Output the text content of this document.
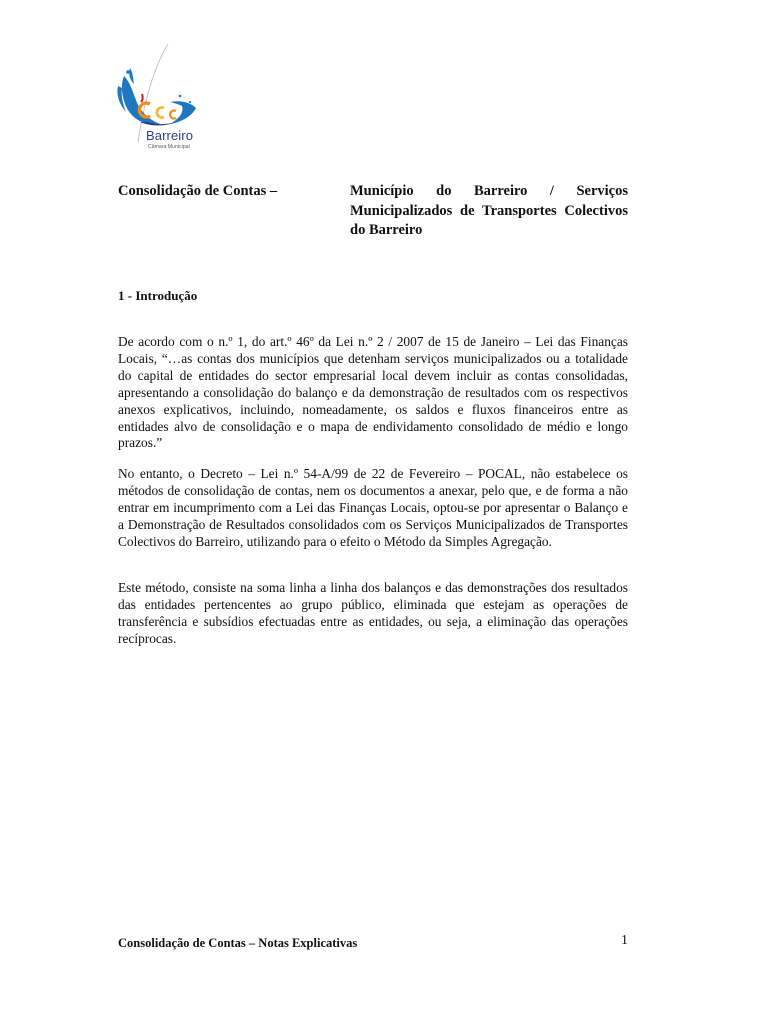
Barreiro
Câmara Municipal
Consolidação de Contas –	Município do Barreiro / Serviços Municipalizados de Transportes Colectivos do Barreiro
1 - Introdução

De acordo com o n.º 1, do art.º 46º da Lei n.º 2 / 2007 de 15 de Janeiro – Lei das Finanças Locais, “…as contas dos municípios que detenham serviços municipalizados ou a totalidade do capital de entidades do sector empresarial local devem incluir as contas consolidadas, apresentando a consolidação do balanço e da demonstração de resultados com os respectivos anexos explicativos, incluindo, nomeadamente, os saldos e fluxos financeiros entre as entidades alvo de consolidação e o mapa de endividamento consolidado de médio e longo prazos.”

No entanto, o Decreto – Lei n.º 54-A/99 de 22 de Fevereiro – POCAL, não estabelece os métodos de consolidação de contas, nem os documentos a anexar, pelo que, e de forma a não entrar em incumprimento com a Lei das Finanças Locais, optou-se por apresentar o Balanço e a Demonstração de Resultados consolidados com os Serviços Municipalizados de Transportes Colectivos do Barreiro, utilizando para o efeito o Método da Simples Agregação.

Este método, consiste na soma linha a linha dos balanços e das demonstrações dos resultados das entidades pertencentes ao grupo público, eliminada que estejam as operações de transferência e subsídios efectuadas entre as entidades, ou seja, a eliminação das operações recíprocas.

Consolidação de Contas – Notas Explicativas	1
